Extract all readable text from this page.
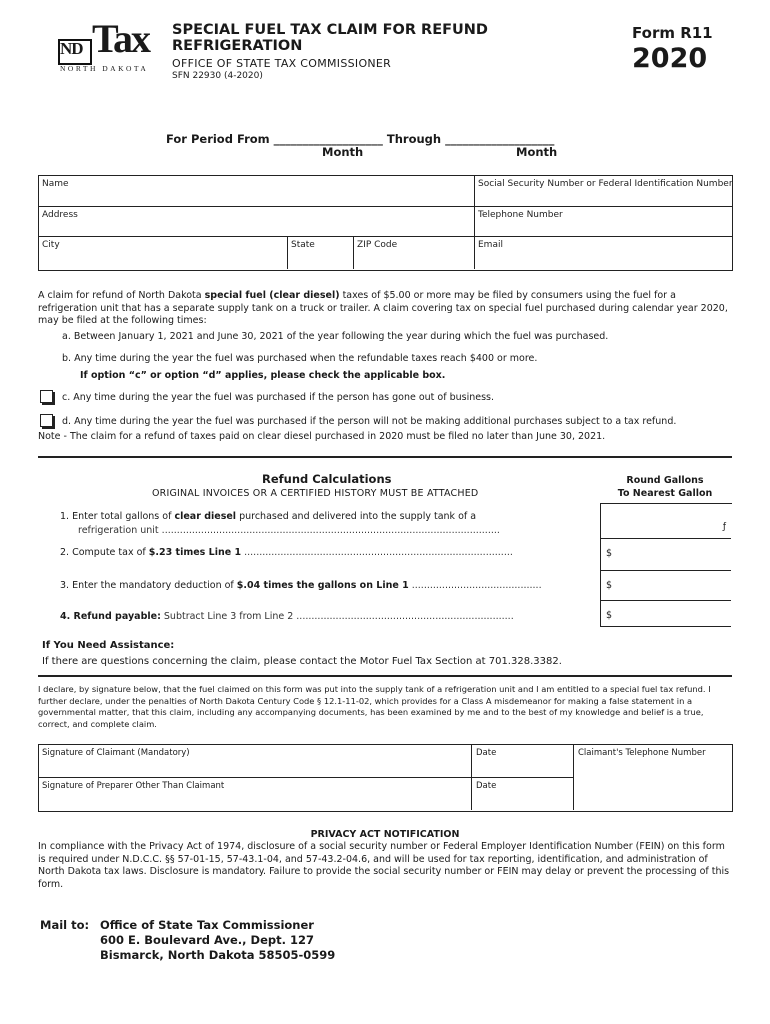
ND Tax
NORTH DAKOTA
SPECIAL FUEL TAX CLAIM FOR REFUND
REFRIGERATION
OFFICE OF STATE TAX COMMISSIONER
SFN 22930 (4-2020)
Form R11
2020
For Period From ___________________ Through ___________________
Month	Month
Name	Social Security Number or Federal Identification Number
Address	Telephone Number
City	State	ZIP Code	Email
A claim for refund of North Dakota special fuel (clear diesel) taxes of $5.00 or more may be filed by consumers using the fuel for a refrigeration unit that has a separate supply tank on a truck or trailer. A claim covering tax on special fuel purchased during calendar year 2020, may be filed at the following times:
a. Between January 1, 2021 and June 30, 2021 of the year following the year during which the fuel was purchased.
b. Any time during the year the fuel was purchased when the refundable taxes reach $400 or more.
If option “c” or option “d” applies, please check the applicable box.
c. Any time during the year the fuel was purchased if the person has gone out of business.
d. Any time during the year the fuel was purchased if the person will not be making additional purchases subject to a tax refund.
Note - The claim for a refund of taxes paid on clear diesel purchased in 2020 must be filed no later than June 30, 2021.
Refund Calculations
ORIGINAL INVOICES OR A CERTIFIED HISTORY MUST BE ATTACHED
Round Gallons
To Nearest Gallon
1. Enter total gallons of clear diesel purchased and delivered into the supply tank of a
refrigeration unit ................................................................................................................	ƒ
2. Compute tax of $.23 times Line 1 .........................................................................................	$
3. Enter the mandatory deduction of $.04 times the gallons on Line 1 ...........................................	$
4. Refund payable: Subtract Line 3 from Line 2 ........................................................................	$
If You Need Assistance:
If there are questions concerning the claim, please contact the Motor Fuel Tax Section at 701.328.3382.
I declare, by signature below, that the fuel claimed on this form was put into the supply tank of a refrigeration unit and I am entitled to a special fuel tax refund. I further declare, under the penalties of North Dakota Century Code § 12.1-11-02, which provides for a Class A misdemeanor for making a false statement in a governmental matter, that this claim, including any accompanying documents, has been examined by me and to the best of my knowledge and belief is a true, correct, and complete claim.
Signature of Claimant (Mandatory)	Date	Claimant's Telephone Number
Signature of Preparer Other Than Claimant	Date
PRIVACY ACT NOTIFICATION
In compliance with the Privacy Act of 1974, disclosure of a social security number or Federal Employer Identification Number (FEIN) on this form is required under N.D.C.C. §§ 57-01-15, 57-43.1-04, and 57-43.2-04.6, and will be used for tax reporting, identification, and administration of North Dakota tax laws. Disclosure is mandatory. Failure to provide the social security number or FEIN may delay or prevent the processing of this form.
Mail to: Office of State Tax Commissioner
600 E. Boulevard Ave., Dept. 127
Bismarck, North Dakota 58505-0599
